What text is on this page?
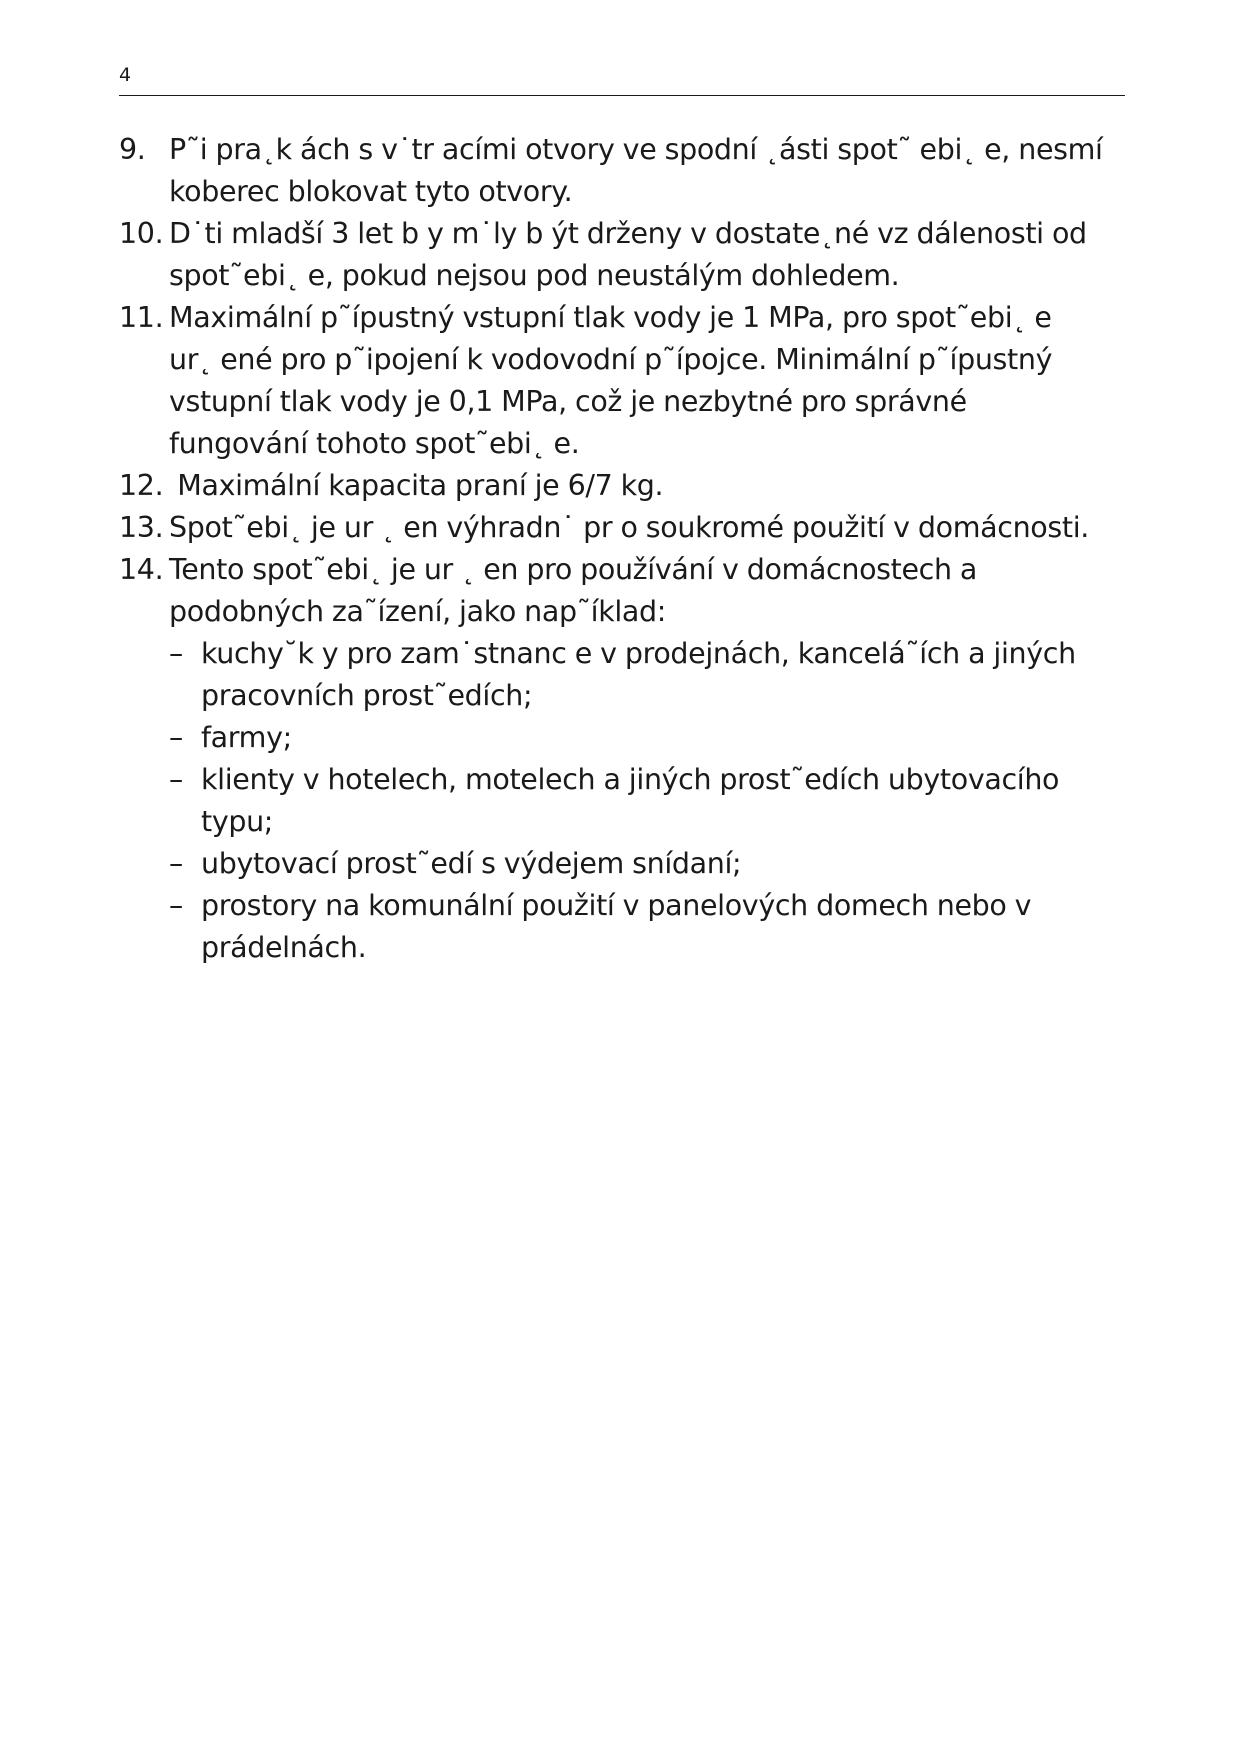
4
9. P˜i pra˛k ách s v˙tr acími otvory ve spodní ˛ásti spot˜ ebi˛ e, nesmí
koberec blokovat tyto otvory.
10. D˙ti mladší 3 let b y m˙ly b ýt drženy v dostate˛né vz dálenosti od
spot˜ebi˛ e, pokud nejsou pod neustálým dohledem.
11. Maximální p˜ípustný vstupní tlak vody je 1 MPa, pro spot˜ebi˛ e
ur˛ ené pro p˜ipojení k vodovodní p˜ípojce. Minimální p˜ípustný
vstupní tlak vody je 0,1 MPa, což je nezbytné pro správné
fungování tohoto spot˜ebi˛ e.
12. Maximální kapacita praní je 6/7 kg.
13. Spot˜ebi˛ je ur ˛ en výhradn˙ pr o soukromé použití v domácnosti.
14. Tento spot˜ebi˛ je ur ˛ en pro používání v domácnostech a
podobných za˜ízení, jako nap˜íklad:
– kuchy˘k y pro zam˙stnanc e v prodejnách, kancelá˜ích a jiných
pracovních prost˜edích;
– farmy;
– klienty v hotelech, motelech a jiných prost˜edích ubytovacího
typu;
– ubytovací prost˜edí s výdejem snídaní;
– prostory na komunální použití v panelových domech nebo v
prádelnách.
